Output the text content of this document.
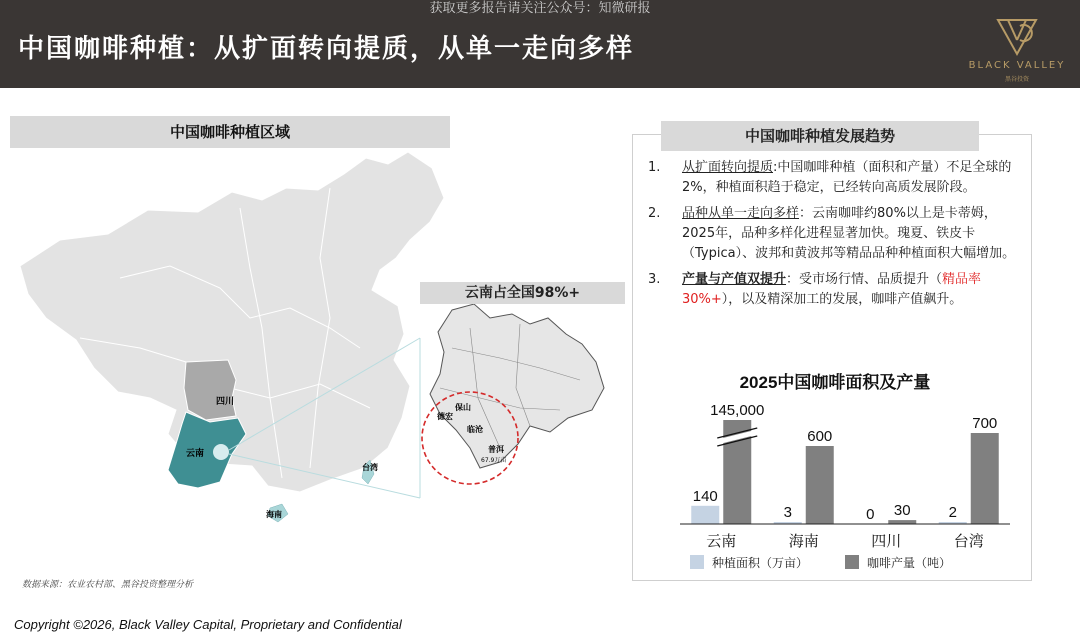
获取更多报告请关注公众号：知微研报
中国咖啡种植：从扩面转向提质，从单一走向多样
BLACK VALLEY
黑谷投资
中国咖啡种植区域
四川
云南
台湾
海南
保山
德宏
临沧
普洱
67.9万亩
云南占全国98%+
数据来源：农业农村部、黑谷投资整理分析
中国咖啡种植发展趋势
1.	从扩面转向提质:中国咖啡种植（面积和产量）不足全球的2%，种植面积趋于稳定，已经转向高质发展阶段。
2.	品种从单一走向多样：云南咖啡约80%以上是卡蒂姆，2025年，品种多样化进程显著加快。瑰夏、铁皮卡（Typica）、波邦和黄波邦等精品品种种植面积大幅增加。
3.	产量与产值双提升：受市场行情、品质提升（精品率30%+），以及精深加工的发展，咖啡产值飙升。
2025中国咖啡面积及产量
140
145,000
3
600
0 30	2
700
云南	海南	四川	台湾
种植面积（万亩）	咖啡产量（吨）
Copyright ©2026, Black Valley Capital, Proprietary and Confidential
